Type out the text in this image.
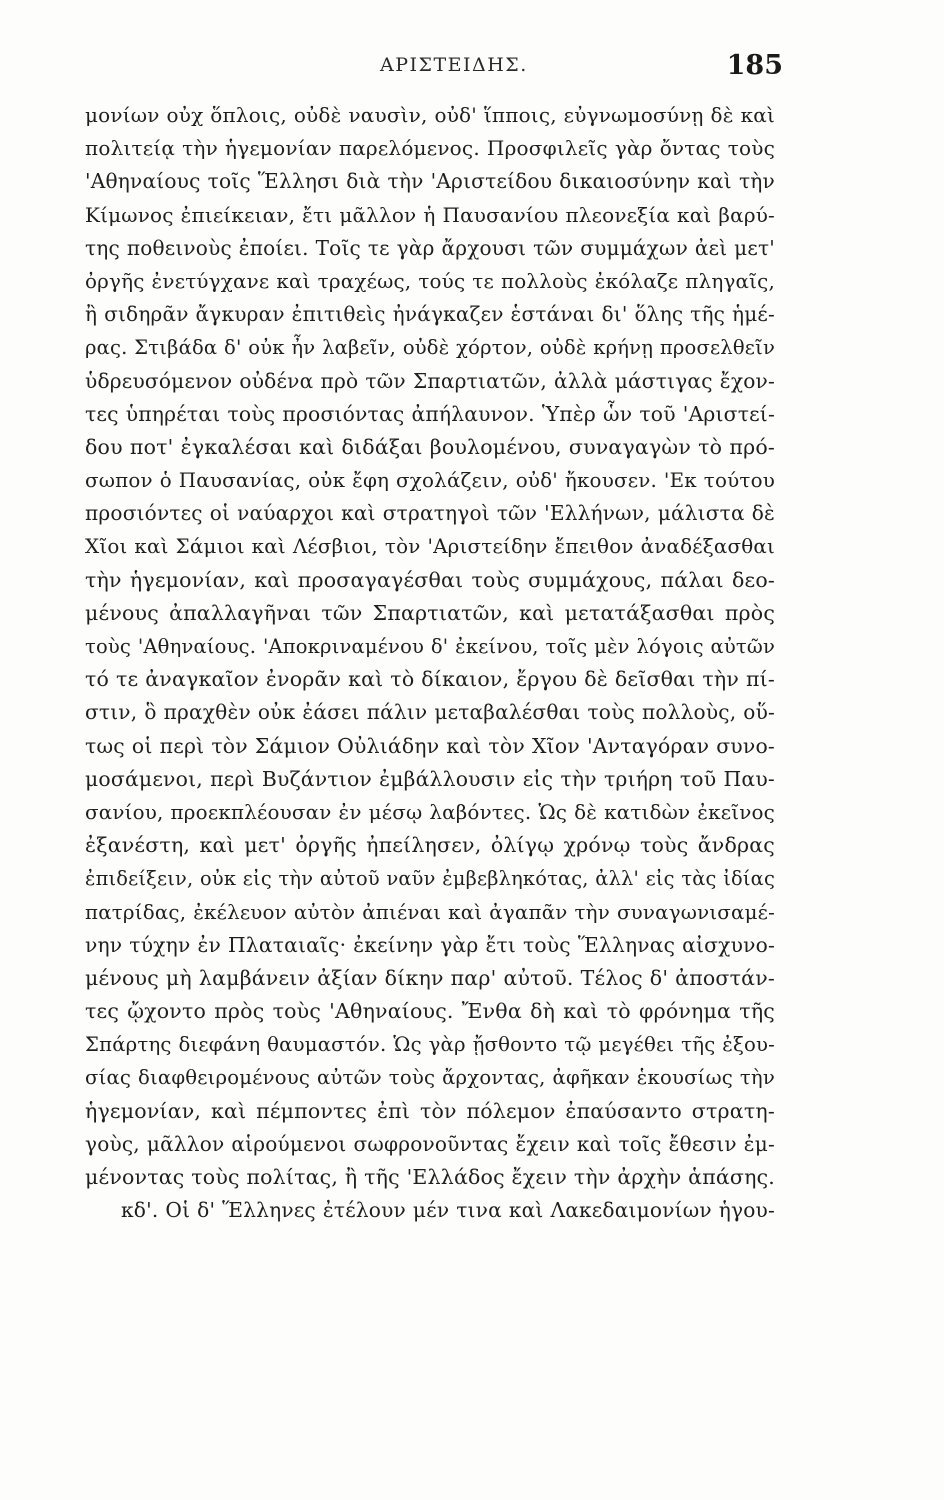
ΑΡΙΣΤΕΙΔΗΣ.	185
μονίων οὐχ ὅπλοις, οὐδὲ ναυσὶν, οὐδ' ἵπποις, εὐγνωμοσύνῃ δὲ καὶ
πολιτείᾳ τὴν ἡγεμονίαν παρελόμενος. Προσφιλεῖς γὰρ ὄντας τοὺς
'Αθηναίους τοῖς Ἕλλησι διὰ τὴν 'Αριστείδου δικαιοσύνην καὶ τὴν
Κίμωνος ἐπιείκειαν, ἔτι μᾶλλον ἡ Παυσανίου πλεονεξία καὶ βαρύ-
της ποθεινοὺς ἐποίει. Τοῖς τε γὰρ ἄρχουσι τῶν συμμάχων ἀεὶ μετ'
ὀργῆς ἐνετύγχανε καὶ τραχέως, τούς τε πολλοὺς ἐκόλαζε πληγαῖς,
ἢ σιδηρᾶν ἄγκυραν ἐπιτιθεὶς ἠνάγκαζεν ἑστάναι δι' ὅλης τῆς ἡμέ-
ρας. Στιβάδα δ' οὐκ ἦν λαβεῖν, οὐδὲ χόρτον, οὐδὲ κρήνῃ προσελθεῖν
ὑδρευσόμενον οὐδένα πρὸ τῶν Σπαρτιατῶν, ἀλλὰ μάστιγας ἔχον-
τες ὑπηρέται τοὺς προσιόντας ἀπήλαυνον. Ὑπὲρ ὧν τοῦ 'Αριστεί-
δου ποτ' ἐγκαλέσαι καὶ διδάξαι βουλομένου, συναγαγὼν τὸ πρό-
σωπον ὁ Παυσανίας, οὐκ ἔφη σχολάζειν, οὐδ' ἤκουσεν. 'Εκ τούτου
προσιόντες οἱ ναύαρχοι καὶ στρατηγοὶ τῶν 'Ελλήνων, μάλιστα δὲ
Χῖοι καὶ Σάμιοι καὶ Λέσβιοι, τὸν 'Αριστείδην ἔπειθον ἀναδέξασθαι
τὴν ἡγεμονίαν, καὶ προσαγαγέσθαι τοὺς συμμάχους, πάλαι δεο-
μένους ἀπαλλαγῆναι τῶν Σπαρτιατῶν, καὶ μετατάξασθαι πρὸς
τοὺς 'Αθηναίους. 'Αποκριναμένου δ' ἐκείνου, τοῖς μὲν λόγοις αὐτῶν
τό τε ἀναγκαῖον ἐνορᾶν καὶ τὸ δίκαιον, ἔργου δὲ δεῖσθαι τὴν πί-
στιν, ὃ πραχθὲν οὐκ ἐάσει πάλιν μεταβαλέσθαι τοὺς πολλοὺς, οὕ-
τως οἱ περὶ τὸν Σάμιον Οὐλιάδην καὶ τὸν Χῖον 'Ανταγόραν συνο-
μοσάμενοι, περὶ Βυζάντιον ἐμβάλλουσιν εἰς τὴν τριήρη τοῦ Παυ-
σανίου, προεκπλέουσαν ἐν μέσῳ λαβόντες. Ὡς δὲ κατιδὼν ἐκεῖνος
ἐξανέστη, καὶ μετ' ὀργῆς ἠπείλησεν, ὀλίγῳ χρόνῳ τοὺς ἄνδρας
ἐπιδείξειν, οὐκ εἰς τὴν αὐτοῦ ναῦν ἐμβεβληκότας, ἀλλ' εἰς τὰς ἰδίας
πατρίδας, ἐκέλευον αὐτὸν ἀπιέναι καὶ ἀγαπᾶν τὴν συναγωνισαμέ-
νην τύχην ἐν Πλαταιαῖς· ἐκείνην γὰρ ἔτι τοὺς Ἕλληνας αἰσχυνο-
μένους μὴ λαμβάνειν ἀξίαν δίκην παρ' αὐτοῦ. Τέλος δ' ἀποστάν-
τες ᾤχοντο πρὸς τοὺς 'Αθηναίους. Ἔνθα δὴ καὶ τὸ φρόνημα τῆς
Σπάρτης διεφάνη θαυμαστόν. Ὡς γὰρ ᾔσθοντο τῷ μεγέθει τῆς ἐξου-
σίας διαφθειρομένους αὐτῶν τοὺς ἄρχοντας, ἀφῆκαν ἑκουσίως τὴν
ἡγεμονίαν, καὶ πέμποντες ἐπὶ τὸν πόλεμον ἐπαύσαντο στρατη-
γοὺς, μᾶλλον αἱρούμενοι σωφρονοῦντας ἔχειν καὶ τοῖς ἔθεσιν ἐμ-
μένοντας τοὺς πολίτας, ἢ τῆς 'Ελλάδος ἔχειν τὴν ἀρχὴν ἁπάσης.
κδ'. Οἱ δ' Ἕλληνες ἐτέλουν μέν τινα καὶ Λακεδαιμονίων ἡγου-
